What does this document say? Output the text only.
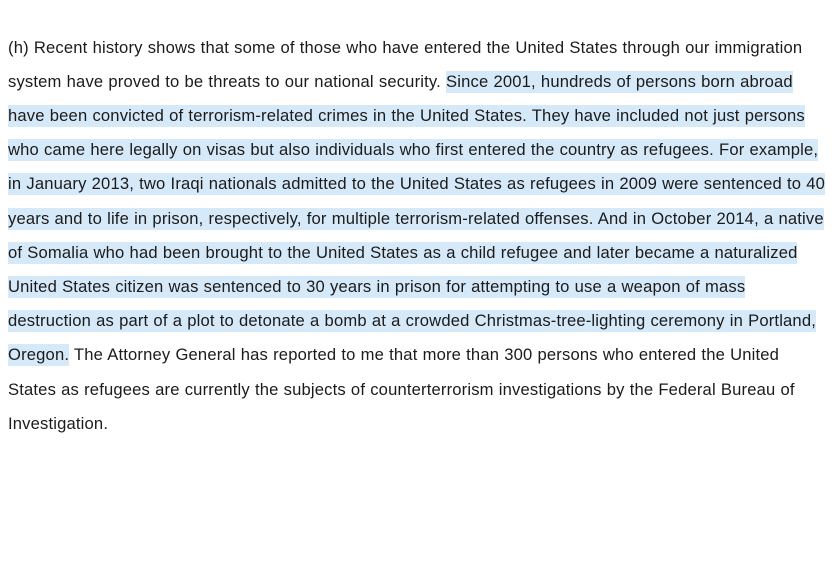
(h) Recent history shows that some of those who have entered the United States through our immigration system have proved to be threats to our national security. Since 2001, hundreds of persons born abroad have been convicted of terrorism-related crimes in the United States. They have included not just persons who came here legally on visas but also individuals who first entered the country as refugees. For example, in January 2013, two Iraqi nationals admitted to the United States as refugees in 2009 were sentenced to 40 years and to life in prison, respectively, for multiple terrorism-related offenses. And in October 2014, a native of Somalia who had been brought to the United States as a child refugee and later became a naturalized United States citizen was sentenced to 30 years in prison for attempting to use a weapon of mass destruction as part of a plot to detonate a bomb at a crowded Christmas-tree-lighting ceremony in Portland, Oregon. The Attorney General has reported to me that more than 300 persons who entered the United States as refugees are currently the subjects of counterterrorism investigations by the Federal Bureau of Investigation.
